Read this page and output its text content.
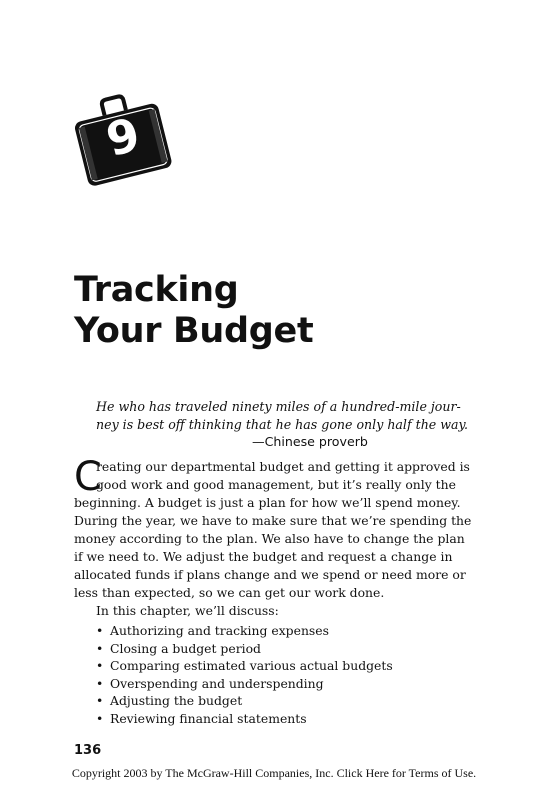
9
Tracking
Your Budget
He who has traveled ninety miles of a hundred-mile jour-
ney is best off thinking that he has gone only half the way.
—Chinese proverb
C
reating our departmental budget and getting it approved is
good work and good management, but it’s really only the
beginning. A budget is just a plan for how we’ll spend money.
During the year, we have to make sure that we’re spending the
money according to the plan. We also have to change the plan
if we need to. We adjust the budget and request a change in
allocated funds if plans change and we spend or need more or
less than expected, so we can get our work done.
In this chapter, we’ll discuss:
• Authorizing and tracking expenses
• Closing a budget period
• Comparing estimated various actual budgets
• Overspending and underspending
• Adjusting the budget
• Reviewing financial statements
136
Copyright 2003 by The McGraw-Hill Companies, Inc. Click Here for Terms of Use.
